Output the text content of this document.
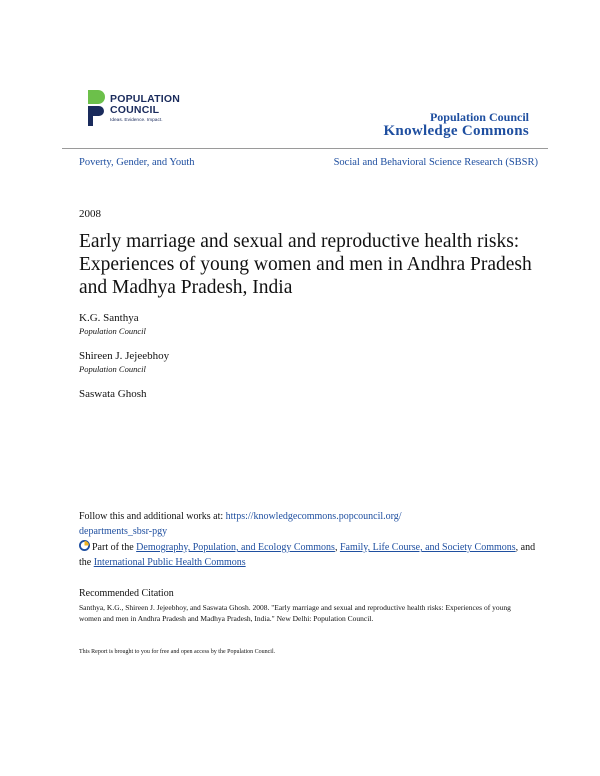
POPULATION
COUNCIL
Ideas. Evidence. Impact.	Population Council
Knowledge Commons
Poverty, Gender, and Youth	Social and Behavioral Science Research (SBSR)
2008
Early marriage and sexual and reproductive health risks: Experiences of young women and men in Andhra Pradesh and Madhya Pradesh, India
K.G. Santhya
Population Council
Shireen J. Jejeebhoy
Population Council
Saswata Ghosh
Follow this and additional works at: https://knowledgecommons.popcouncil.org/
departments_sbsr-pgy
Part of the Demography, Population, and Ecology Commons, Family, Life Course, and Society Commons, and the International Public Health Commons
Recommended Citation
Santhya, K.G., Shireen J. Jejeebhoy, and Saswata Ghosh. 2008. "Early marriage and sexual and reproductive health risks: Experiences of young women and men in Andhra Pradesh and Madhya Pradesh, India." New Delhi: Population Council.
This Report is brought to you for free and open access by the Population Council.
